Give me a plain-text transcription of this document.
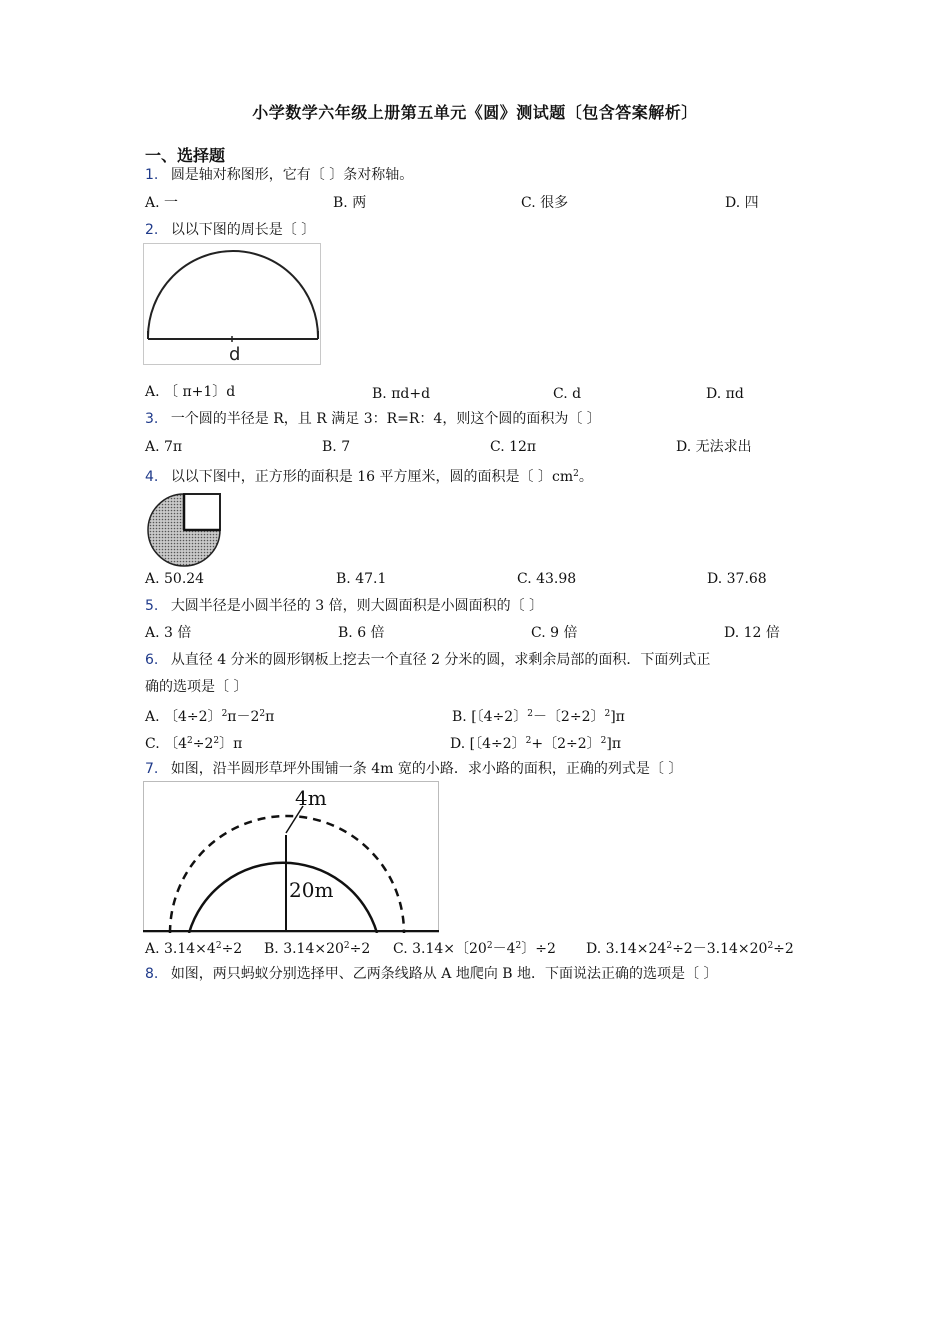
小学数学六年级上册第五单元《圆》测试题〔包含答案解析〕
一、选择题
1. 圆是轴对称图形，它有〔 〕条对称轴。
A. 一	B. 两	C. 很多	D. 四
2. 以以下图的周长是〔 〕
d
A. 〔 π+1〕d	B. πd+d	C. d	D. πd
3. 一个圆的半径是 R，且 R 满足 3：R=R：4，则这个圆的面积为〔 〕
A. 7π	B. 7	C. 12π	D. 无法求出
4. 以以下图中，正方形的面积是 16 平方厘米，圆的面积是〔 〕$cm^2$。
A. 50.24	B. 47.1	C. 43.98	D. 37.68
5. 大圆半径是小圆半径的 3 倍，则大圆面积是小圆面积的〔 〕
A. 3 倍	B. 6 倍	C. 9 倍	D. 12 倍
6. 从直径 4 分米的圆形钢板上挖去一个直径 2 分米的圆，求剩余局部的面积．下面列式正
确的选项是〔 〕
A. 〔4÷2〕$^2\pi-2^2\pi$	B. [〔4÷2〕$^2$－〔2÷2〕$^2$]π
C. 〔$4^2\div 2^2$〕π	D. [〔4÷2〕$^2$+〔2÷2〕$^2$]π
7. 如图，沿半圆形草坪外围铺一条 4m 宽的小路．求小路的面积，正确的列式是〔 〕
4m
20m
A. $3.14\times 4^2\div 2$ B. $3.14\times 20^2\div 2$ C. 3.14×〔$20^2-4^2$〕÷2 D. $3.14\times 24^2\div 2-3.14\times 20^2\div 2$
8. 如图，两只蚂蚁分别选择甲、乙两条线路从 A 地爬向 B 地．下面说法正确的选项是〔 〕
